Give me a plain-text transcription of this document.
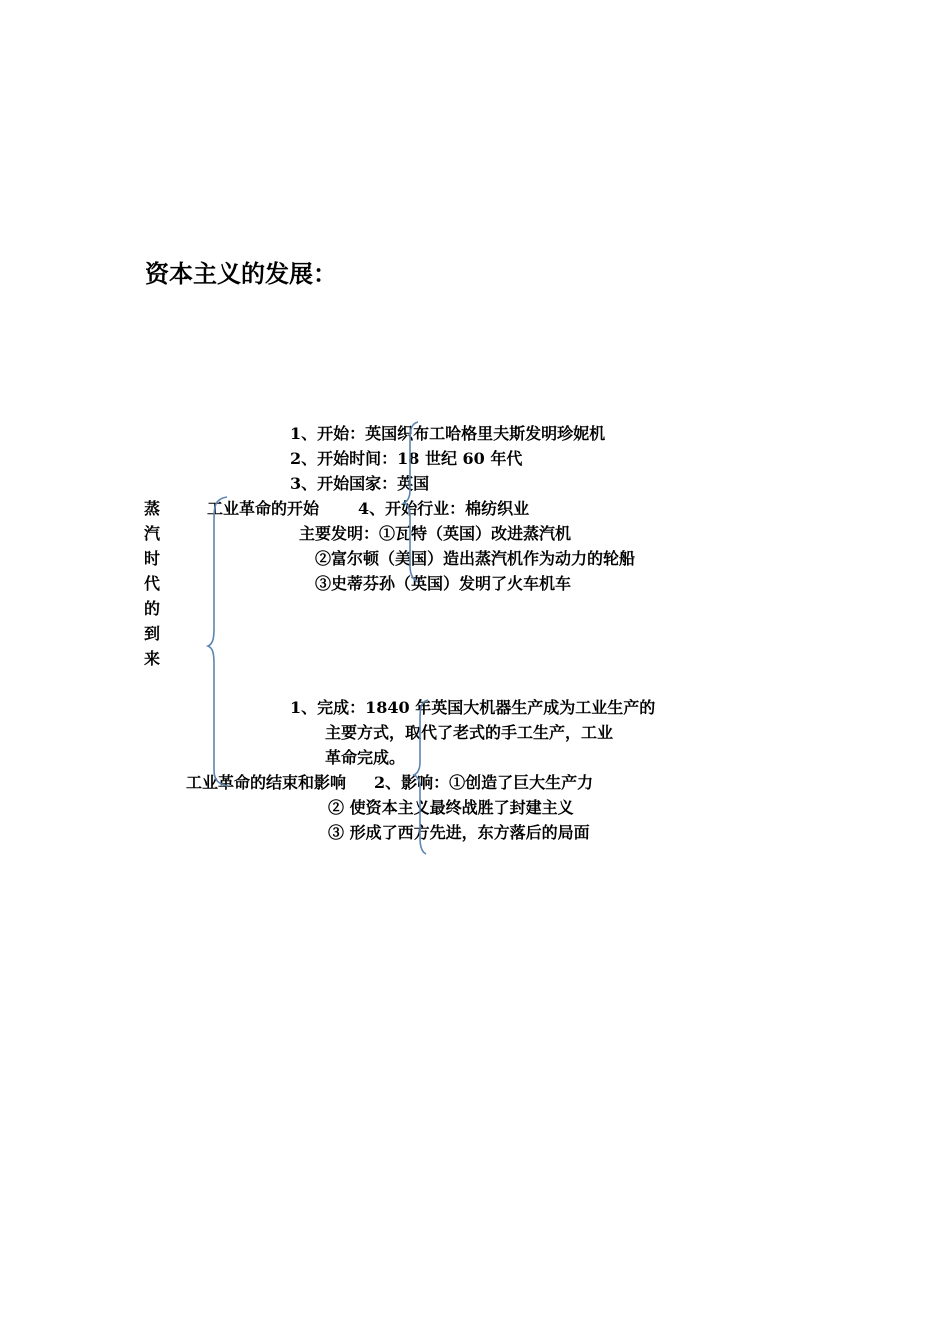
资本主义的发展：
蒸
汽
时
代
的
到
来
工业革命的开始
1、开始：英国织布工哈格里夫斯发明珍妮机
2、开始时间：18 世纪 60 年代
3、开始国家：英国
4、开始行业：棉纺织业
主要发明：①瓦特（英国）改进蒸汽机
②富尔顿（美国）造出蒸汽机作为动力的轮船
③史蒂芬孙（英国）发明了火车机车
1、完成：1840 年英国大机器生产成为工业生产的
主要方式，取代了老式的手工生产，工业
革命完成。
工业革命的结束和影响 2、影响：①创造了巨大生产力
② 使资本主义最终战胜了封建主义
③ 形成了西方先进，东方落后的局面
